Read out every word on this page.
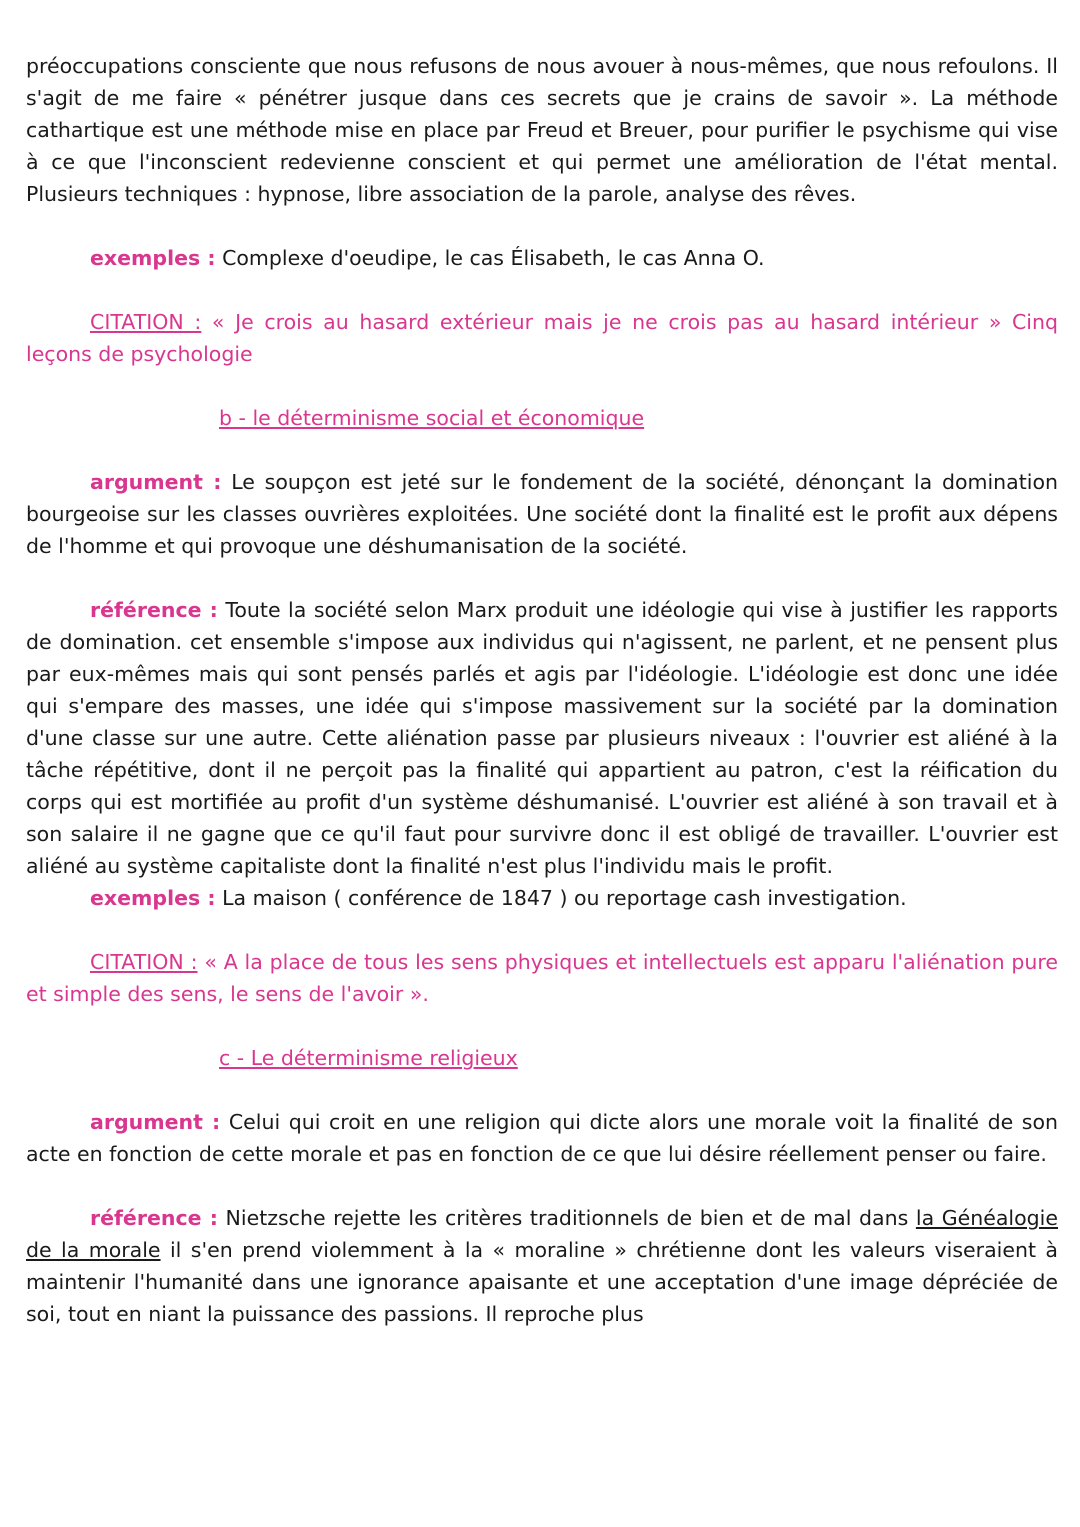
préoccupations consciente que nous refusons de nous avouer à nous-mêmes, que nous refoulons. Il s'agit de me faire « pénétrer jusque dans ces secrets que je crains de savoir ». La méthode cathartique est une méthode mise en place par Freud et Breuer, pour purifier le psychisme qui vise à ce que l'inconscient redevienne conscient et qui permet une amélioration de l'état mental. Plusieurs techniques : hypnose, libre association de la parole, analyse des rêves.

exemples : Complexe d'oeudipe, le cas Élisabeth, le cas Anna O.

CITATION : « Je crois au hasard extérieur mais je ne crois pas au hasard intérieur » Cinq leçons de psychologie

b - le déterminisme social et économique

argument : Le soupçon est jeté sur le fondement de la société, dénonçant la domination bourgeoise sur les classes ouvrières exploitées. Une société dont la finalité est le profit aux dépens de l'homme et qui provoque une déshumanisation de la société.

référence : Toute la société selon Marx produit une idéologie qui vise à justifier les rapports de domination. cet ensemble s'impose aux individus qui n'agissent, ne parlent, et ne pensent plus par eux-mêmes mais qui sont pensés parlés et agis par l'idéologie. L'idéologie est donc une idée qui s'empare des masses, une idée qui s'impose massivement sur la société par la domination d'une classe sur une autre. Cette aliénation passe par plusieurs niveaux : l'ouvrier est aliéné à la tâche répétitive, dont il ne perçoit pas la finalité qui appartient au patron, c'est la réification du corps qui est mortifiée au profit d'un système déshumanisé. L'ouvrier est aliéné à son travail et à son salaire il ne gagne que ce qu'il faut pour survivre donc il est obligé de travailler. L'ouvrier est aliéné au système capitaliste dont la finalité n'est plus l'individu mais le profit.

exemples : La maison ( conférence de 1847 ) ou reportage cash investigation.

CITATION : « A la place de tous les sens physiques et intellectuels est apparu l'aliénation pure et simple des sens, le sens de l'avoir ».

c - Le déterminisme religieux

argument : Celui qui croit en une religion qui dicte alors une morale voit la finalité de son acte en fonction de cette morale et pas en fonction de ce que lui désire réellement penser ou faire.

référence : Nietzsche rejette les critères traditionnels de bien et de mal dans la Généalogie de la morale il s'en prend violemment à la « moraline » chrétienne dont les valeurs viseraient à maintenir l'humanité dans une ignorance apaisante et une acceptation d'une image dépréciée de soi, tout en niant la puissance des passions. Il reproche plus
